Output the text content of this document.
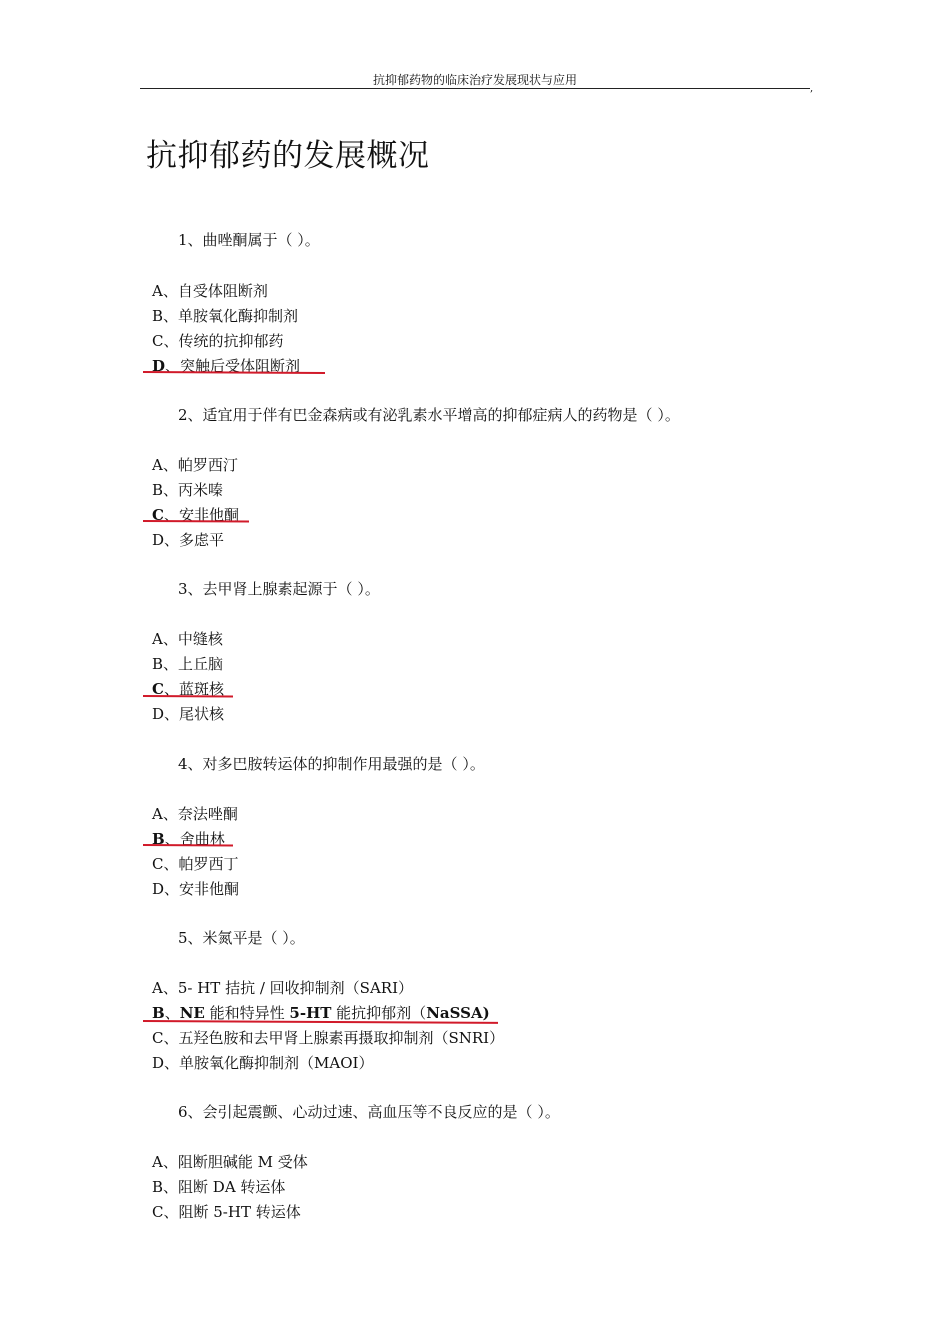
抗抑郁药物的临床治疗发展现状与应用
,
抗抑郁药的发展概况
1、曲唑酮属于（ ）。
A、自受体阻断剂
B、单胺氧化酶抑制剂
C、传统的抗抑郁药
D、突触后受体阻断剂
2、适宜用于伴有巴金森病或有泌乳素水平增高的抑郁症病人的药物是（ ）。
A、帕罗西汀
B、丙米嗪
C、安非他酮
D、多虑平
3、去甲肾上腺素起源于（ ）。
A、中缝核
B、上丘脑
C、蓝斑核
D、尾状核
4、对多巴胺转运体的抑制作用最强的是（ ）。
A、奈法唑酮
B、舍曲林
C、帕罗西丁
D、安非他酮
5、米氮平是（ ）。
A、5- HT 拮抗 / 回收抑制剂（SARI）
B、NE 能和特异性 5-HT 能抗抑郁剂（NaSSA)
C、五羟色胺和去甲肾上腺素再摄取抑制剂（SNRI）
D、单胺氧化酶抑制剂（MAOI）
6、会引起震颤、心动过速、高血压等不良反应的是（ ）。
A、阻断胆碱能 M 受体
B、阻断 DA 转运体
C、阻断 5-HT 转运体
